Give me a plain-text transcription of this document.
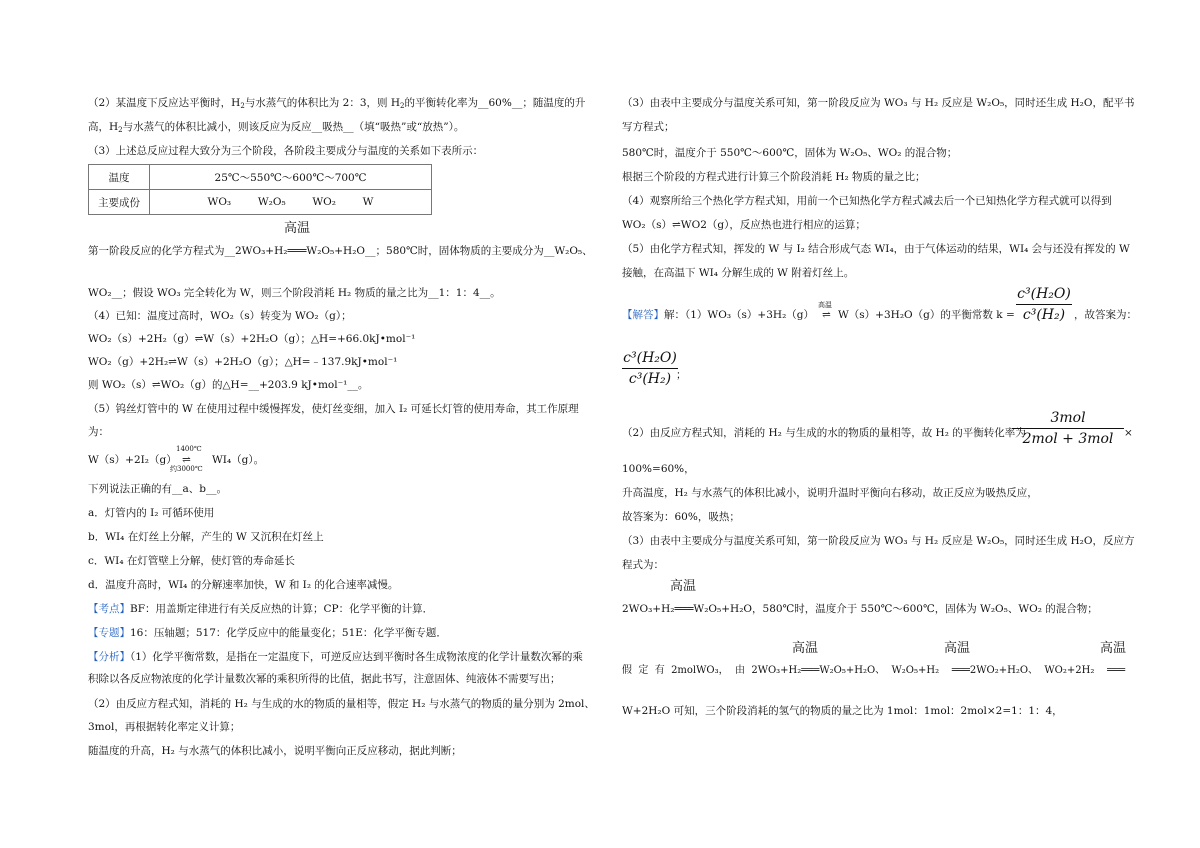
（2）某温度下反应达平衡时，$H_2$与水蒸气的体积比为 2：3，则 $H_2$的平衡转化率为__60%__；随温度的升
高，$H_2$与水蒸气的体积比减小，则该反应为反应__吸热__（填“吸热”或“放热”）。
（3）上述总反应过程大致分为三个阶段，各阶段主要成分与温度的关系如下表所示：
温度	25℃～550℃～600℃～700℃
主要成份	WO₃        W₂O₅        WO₂        W
高温
第一阶段反应的化学方程式为__2WO₃+H₂═══W₂O₅+H₂O__；580℃时，固体物质的主要成分为__W₂O₅、
WO₂__；假设 WO₃ 完全转化为 W，则三个阶段消耗 H₂ 物质的量之比为__1：1：4__。
（4）已知：温度过高时，WO₂（s）转变为 WO₂（g）；
WO₂（s）+2H₂（g）⇌W（s）+2H₂O（g）；△H=+66.0kJ•mol⁻¹
WO₂（g）+2H₂⇌W（s）+2H₂O（g）；△H=﹣137.9kJ•mol⁻¹
则 WO₂（s）⇌WO₂（g）的△H=__+203.9 kJ•mol⁻¹__。
（5）钨丝灯管中的 W 在使用过程中缓慢挥发，使灯丝变细，加入 I₂ 可延长灯管的使用寿命，其工作原理
为：
W（s）+2I₂（g）
1400℃
⇌
约3000℃
WI₄（g）。
下列说法正确的有__a、b__。
a．灯管内的 I₂ 可循环使用
b．WI₄ 在灯丝上分解，产生的 W 又沉积在灯丝上
c．WI₄ 在灯管壁上分解，使灯管的寿命延长
d．温度升高时，WI₄ 的分解速率加快，W 和 I₂ 的化合速率减慢。
【考点】BF：用盖斯定律进行有关反应热的计算；CP：化学平衡的计算．
【专题】16：压轴题；517：化学反应中的能量变化；51E：化学平衡专题．
【分析】（1）化学平衡常数，是指在一定温度下，可逆反应达到平衡时各生成物浓度的化学计量数次幂的乘
积除以各反应物浓度的化学计量数次幂的乘积所得的比值，据此书写，注意固体、纯液体不需要写出；
（2）由反应方程式知，消耗的 H₂ 与生成的水的物质的量相等，假定 H₂ 与水蒸气的物质的量分别为 2mol、
3mol，再根据转化率定义计算；
随温度的升高，H₂ 与水蒸气的体积比减小，说明平衡向正反应移动，据此判断；
（3）由表中主要成分与温度关系可知，第一阶段反应为 WO₃ 与 H₂ 反应是 W₂O₅，同时还生成 H₂O，配平书
写方程式；
580℃时，温度介于 550℃～600℃，固体为 W₂O₅、WO₂ 的混合物；
根据三个阶段的方程式进行计算三个阶段消耗 H₂ 物质的量之比；
（4）观察所给三个热化学方程式知，用前一个已知热化学方程式减去后一个已知热化学方程式就可以得到
WO₂（s）⇌WO2（g），反应热也进行相应的运算；
（5）由化学方程式知，挥发的 W 与 I₂ 结合形成气态 WI₄，由于气体运动的结果，WI₄ 会与还没有挥发的 W
接触，在高温下 WI₄ 分解生成的 W 附着灯丝上。
【解答】解：（1）WO₃（s）+3H₂（g）
高温
⇌ W（s）+3H₂O（g）的平衡常数 k =
c³(H₂O)
c³(H₂) ，故答案为：
c³(H₂O)
c³(H₂) ；
（2）由反应方程式知，消耗的 H₂ 与生成的水的物质的量相等，故 H₂ 的平衡转化率为
3mol
2mol + 3mol	×
100%=60%，
升高温度，H₂ 与水蒸气的体积比减小，说明升温时平衡向右移动，故正反应为吸热反应，
故答案为：60%，吸热；
（3）由表中主要成分与温度关系可知，第一阶段反应为 WO₃ 与 H₂ 反应是 W₂O₅，同时还生成 H₂O，反应方
程式为：
高温
2WO₃+H₂═══W₂O₅+H₂O，580℃时，温度介于 550℃～600℃，固体为 W₂O₅、WO₂ 的混合物；
高温	高温	高温
假  定  有  2molWO₃，  由  2WO₃+H₂═══W₂O₅+H₂O、  W₂O₅+H₂    ═══2WO₂+H₂O、  WO₂+2H₂    ═══
W+2H₂O 可知，三个阶段消耗的氢气的物质的量之比为 1mol：1mol：2mol×2=1：1：4，
